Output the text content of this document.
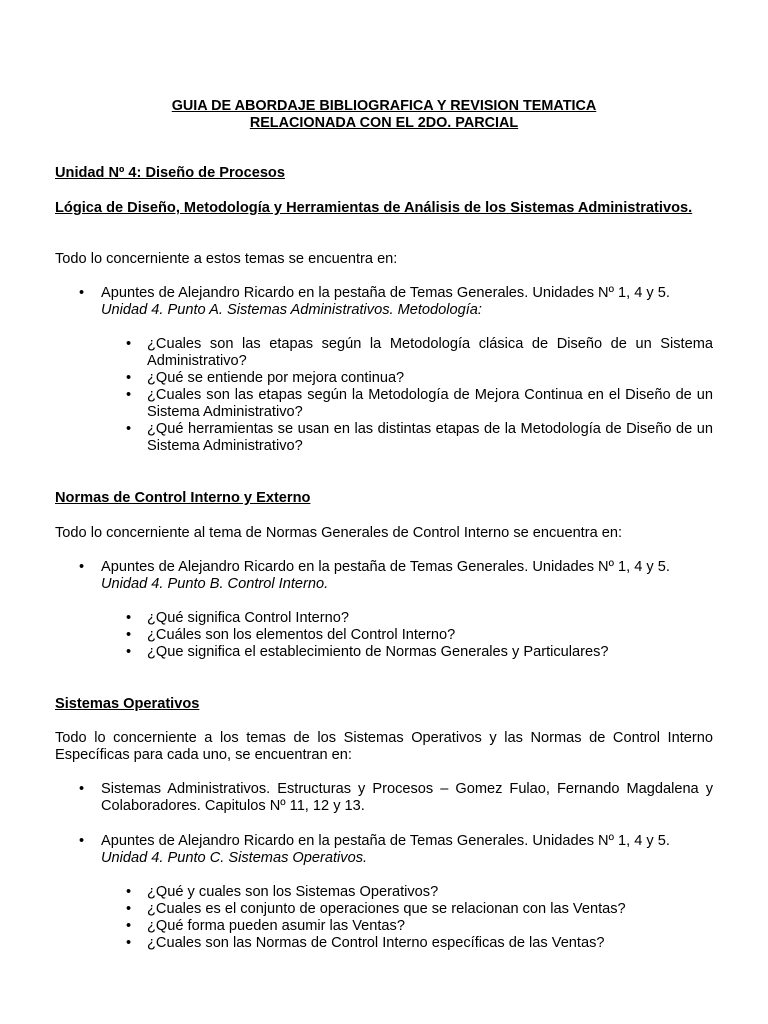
GUIA DE ABORDAJE BIBLIOGRAFICA Y REVISION TEMATICA
RELACIONADA CON EL 2DO. PARCIAL
Unidad Nº 4: Diseño de Procesos
Lógica de Diseño, Metodología y Herramientas de Análisis de los Sistemas Administrativos.
Todo lo concerniente a estos temas se encuentra en:
• Apuntes de Alejandro Ricardo en la pestaña de Temas Generales. Unidades Nº 1, 4 y 5.
Unidad 4. Punto A. Sistemas Administrativos. Metodología:
• ¿Cuales son las etapas según la Metodología clásica de Diseño de un Sistema Administrativo?
• ¿Qué se entiende por mejora continua?
• ¿Cuales son las etapas según la Metodología de Mejora Continua en el Diseño de un Sistema Administrativo?
• ¿Qué herramientas se usan en las distintas etapas de la Metodología de Diseño de un Sistema Administrativo?
Normas de Control Interno y Externo
Todo lo concerniente al tema de Normas Generales de Control Interno se encuentra en:
• Apuntes de Alejandro Ricardo en la pestaña de Temas Generales. Unidades Nº 1, 4 y 5.
Unidad 4. Punto B. Control Interno.
• ¿Qué significa Control Interno?
• ¿Cuáles son los elementos del Control Interno?
• ¿Que significa el establecimiento de Normas Generales y Particulares?
Sistemas Operativos
Todo lo concerniente a los temas de los Sistemas Operativos y las Normas de Control Interno Específicas para cada uno, se encuentran en:
• Sistemas Administrativos. Estructuras y Procesos – Gomez Fulao, Fernando Magdalena y Colaboradores. Capitulos Nº 11, 12 y 13.
• Apuntes de Alejandro Ricardo en la pestaña de Temas Generales. Unidades Nº 1, 4 y 5.
Unidad 4. Punto C. Sistemas Operativos.
• ¿Qué y cuales son los Sistemas Operativos?
• ¿Cuales es el conjunto de operaciones que se relacionan con las Ventas?
• ¿Qué forma pueden asumir las Ventas?
• ¿Cuales son las Normas de Control Interno específicas de las Ventas?
